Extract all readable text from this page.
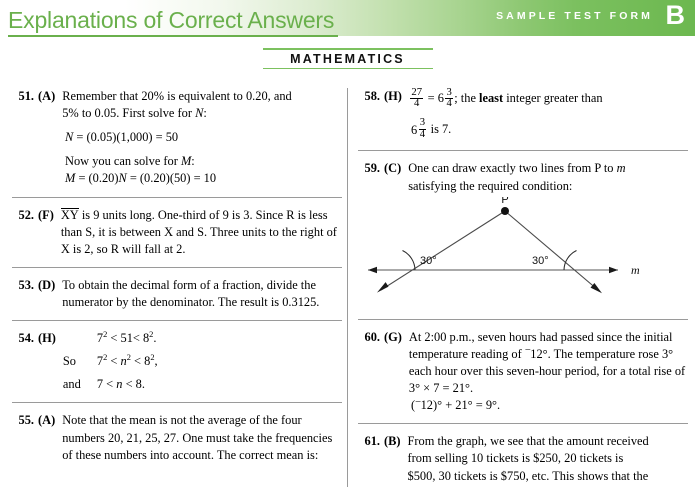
Explanations of Correct Answers	SAMPLE TEST FORM B
MATHEMATICS
51. (A) Remember that 20% is equivalent to 0.20, and
5% to 0.05. First solve for N:
N = (0.05)(1,000) = 50
Now you can solve for M:
M = (0.20)N = (0.20)(50) = 10
52. (F) XY is 9 units long. One-third of 9 is 3. Since R is less than S, it is between X and S. Three units to the right of X is 2, so R will fall at 2.
53. (D) To obtain the decimal form of a fraction, divide the numerator by the denominator. The result is 0.3125.
54. (H)	$7^2 < 51< 8^2$.
So	$7^2 < n^2 < 8^2$,
and	7 < n < 8.
55. (A) Note that the mean is not the average of the four numbers 20, 21, 25, 27. One must take the frequencies of these numbers into account. The correct mean is:
58. $(H) \frac{27}{4} = 6 \frac{3}{4}$ ; the least integer greater than
$6 \frac{3}{4}$ is 7.
59. (C) One can draw exactly two lines from P to m
satisfying the required condition:
P
30°	30°
m
60. (G) At 2:00 p.m., seven hours had passed since the initial temperature reading of −12°. The temperature rose 3° each hour over this seven-hour period, for a total rise of 3° × 7 = 21°.
(−12)° + 21° = 9°.
61. (B) From the graph, we see that the amount received
from selling 10 tickets is $250, 20 tickets is
$500, 30 tickets is $750, etc. This shows that the
